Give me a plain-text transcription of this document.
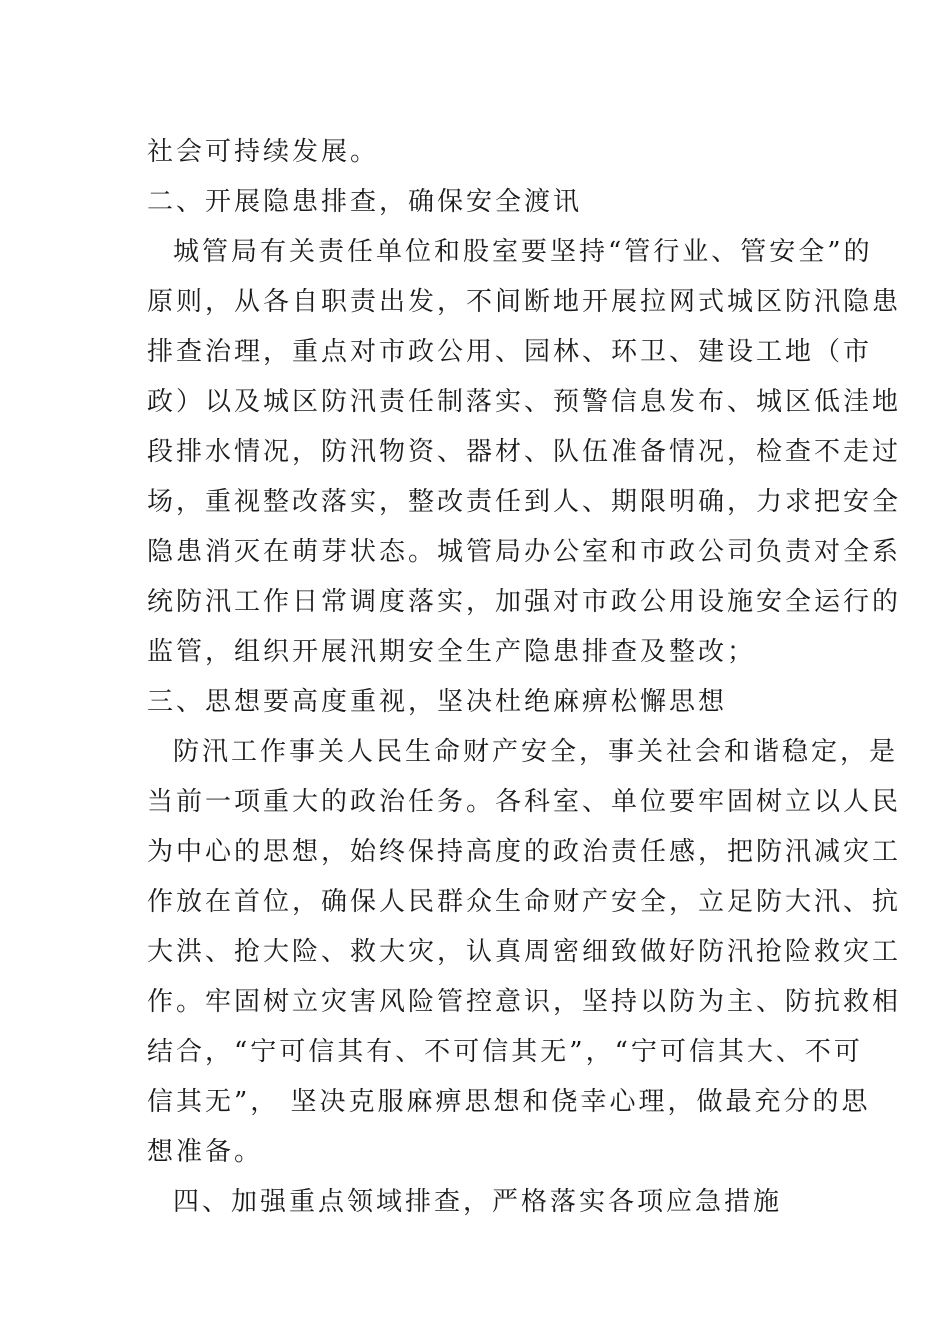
社会可持续发展。
二、开展隐患排查，确保安全渡讯
城管局有关责任单位和股室要坚持“管行业、管安全”的
原则，从各自职责出发，不间断地开展拉网式城区防汛隐患
排查治理，重点对市政公用、园林、环卫、建设工地（市
政）以及城区防汛责任制落实、预警信息发布、城区低洼地
段排水情况，防汛物资、器材、队伍准备情况，检查不走过
场，重视整改落实，整改责任到人、期限明确，力求把安全
隐患消灭在萌芽状态。城管局办公室和市政公司负责对全系
统防汛工作日常调度落实，加强对市政公用设施安全运行的
监管，组织开展汛期安全生产隐患排查及整改；
三、思想要高度重视，坚决杜绝麻痹松懈思想
防汛工作事关人民生命财产安全，事关社会和谐稳定，是
当前一项重大的政治任务。各科室、单位要牢固树立以人民
为中心的思想，始终保持高度的政治责任感，把防汛减灾工
作放在首位，确保人民群众生命财产安全，立足防大汛、抗
大洪、抢大险、救大灾，认真周密细致做好防汛抢险救灾工
作。牢固树立灾害风险管控意识，坚持以防为主、防抗救相
结合，“宁可信其有、不可信其无”，“宁可信其大、不可
信其无”， 坚决克服麻痹思想和侥幸心理，做最充分的思
想准备。
四、加强重点领域排查，严格落实各项应急措施
